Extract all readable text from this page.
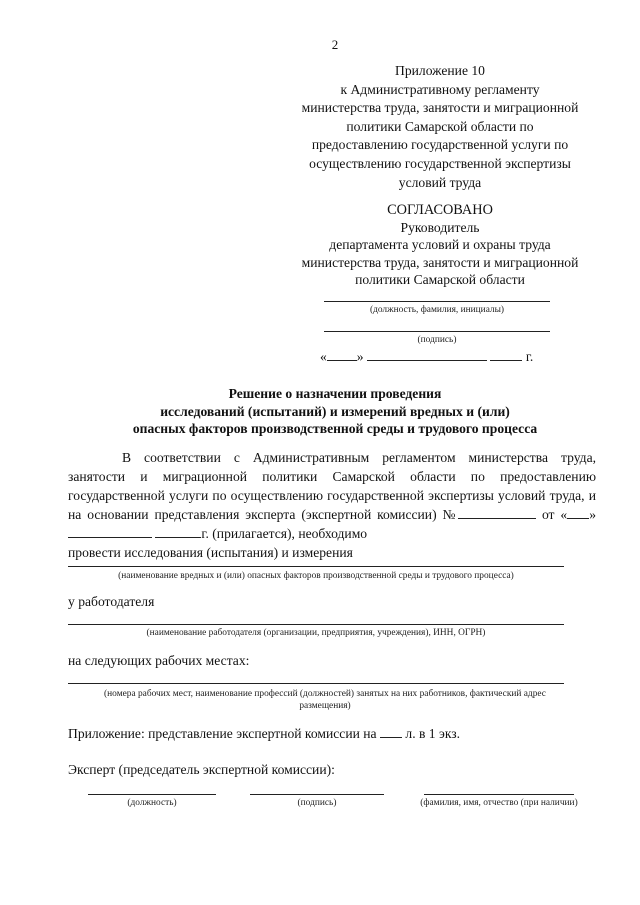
2
Приложение 10
к Административному регламенту
министерства труда, занятости и миграционной
политики Самарской области по
предоставлению государственной услуги по
осуществлению государственной экспертизы
условий труда
СОГЛАСОВАНО
Руководитель
департамента условий и охраны труда
министерства труда, занятости и миграционной
политики Самарской области
(должность, фамилия, инициалы)
(подпись)
« »	г.
Решение о назначении проведения
исследований (испытаний) и измерений вредных и (или)
опасных факторов производственной среды и трудового процесса
В соответствии с Административным регламентом министерства труда, занятости и миграционной политики Самарской области по предоставлению государственной услуги по осуществлению государственной экспертизы условий труда, и на основании представления эксперта (экспертной комиссии) №	от « »  г. (прилагается), необходимо
провести исследования (испытания) и измерения
(наименование вредных и (или) опасных факторов производственной среды и трудового процесса)
у работодателя
(наименование работодателя (организации, предприятия, учреждения), ИНН, ОГРН)
на следующих рабочих местах:
(номера рабочих мест, наименование профессий (должностей) занятых на них работников, фактический адрес
размещения)
Приложение: представление экспертной комиссии на л. в 1 экз.
Эксперт (председатель экспертной комиссии):
(должность)	(подпись)	(фамилия, имя, отчество (при наличии)
